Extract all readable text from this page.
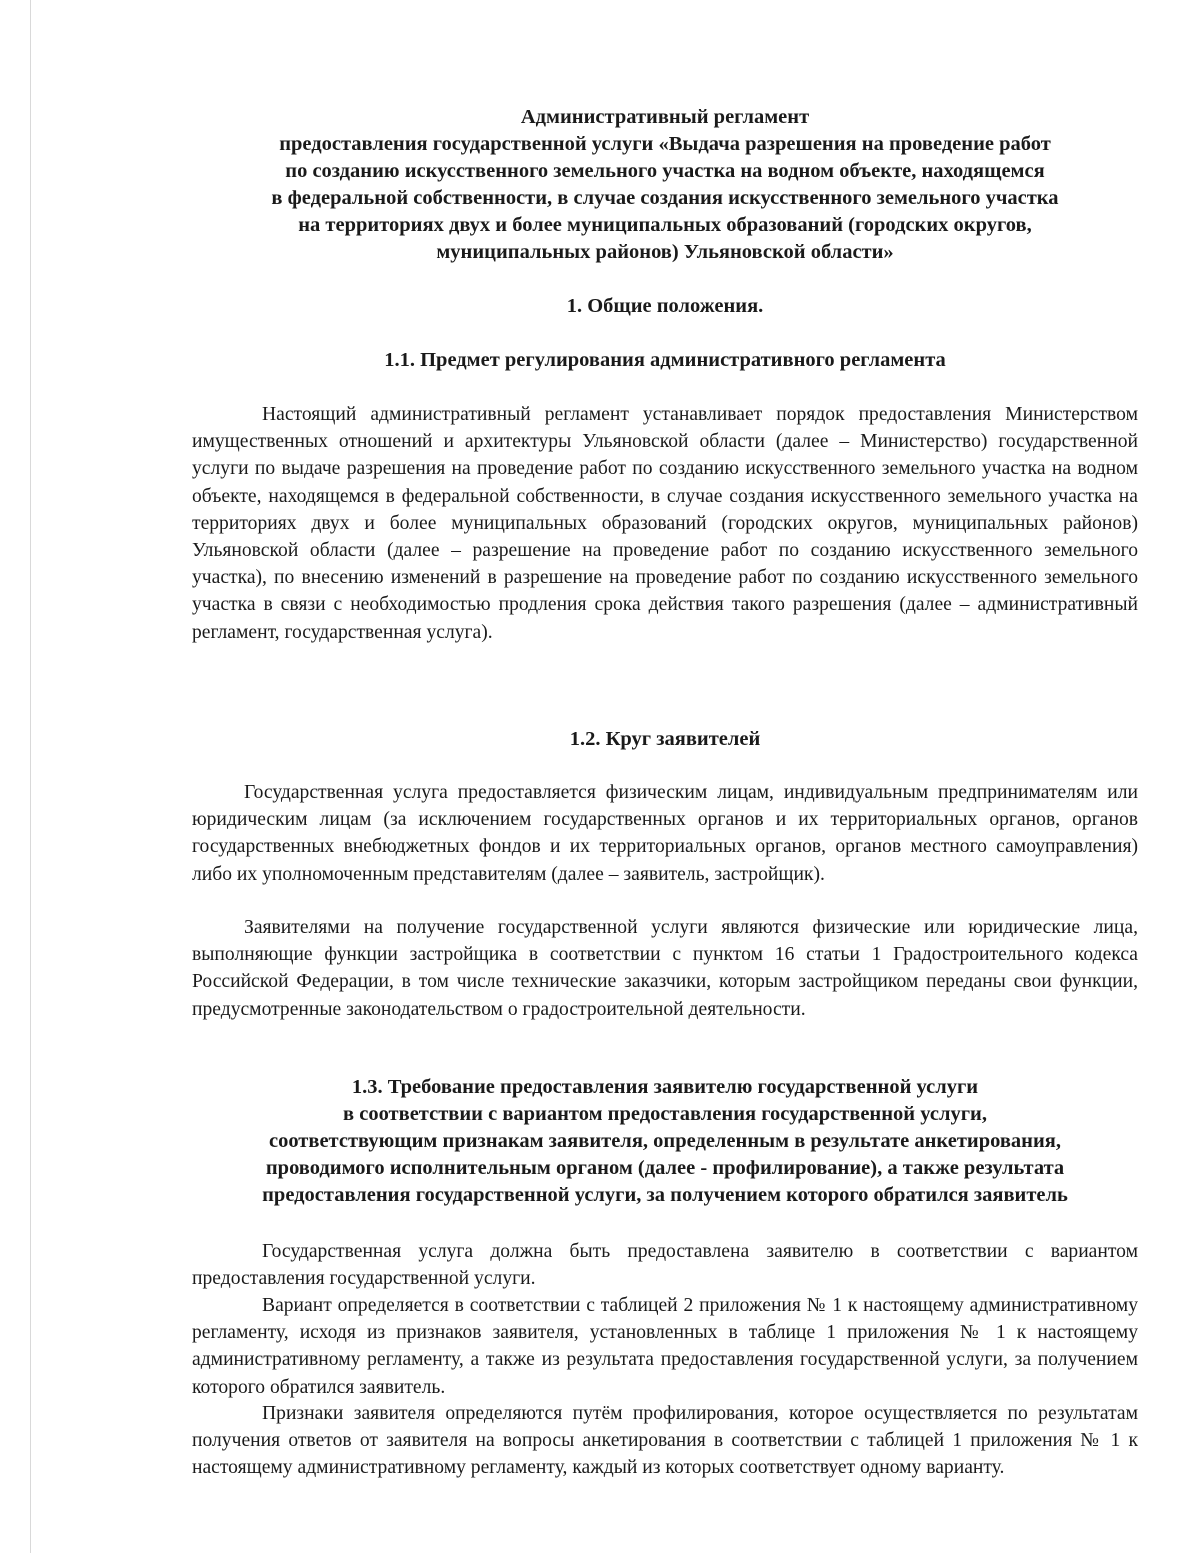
Административный регламент
предоставления государственной услуги «Выдача разрешения на проведение работ
по созданию искусственного земельного участка на водном объекте, находящемся
в федеральной собственности, в случае создания искусственного земельного участка
на территориях двух и более муниципальных образований (городских округов,
муниципальных районов) Ульяновской области»
1. Общие положения.
1.1. Предмет регулирования административного регламента

Настоящий административный регламент устанавливает порядок предоставления Министерством имущественных отношений и архитектуры Ульяновской области (далее – Министерство) государственной услуги по выдаче разрешения на проведение работ по созданию искусственного земельного участка на водном объекте, находящемся в федеральной собственности, в случае создания искусственного земельного участка на территориях двух и более муниципальных образований (городских округов, муниципальных районов) Ульяновской области (далее – разрешение на проведение работ по созданию искусственного земельного участка), по внесению изменений в разрешение на проведение работ по созданию искусственного земельного участка в связи с необходимостью продления срока действия такого разрешения (далее – административный регламент, государственная услуга).

1.2. Круг заявителей

Государственная услуга предоставляется физическим лицам, индивидуальным предпринимателям или юридическим лицам (за исключением государственных органов и их территориальных органов, органов государственных внебюджетных фондов и их территориальных органов, органов местного самоуправления) либо их уполномоченным представителям (далее – заявитель, застройщик).

Заявителями на получение государственной услуги являются физические или юридические лица, выполняющие функции застройщика в соответствии с пунктом 16 статьи 1 Градостроительного кодекса Российской Федерации, в том числе технические заказчики, которым застройщиком переданы свои функции, предусмотренные законодательством о градостроительной деятельности.

1.3. Требование предоставления заявителю государственной услуги
в соответствии с вариантом предоставления государственной услуги,
соответствующим признакам заявителя, определенным в результате анкетирования,
проводимого исполнительным органом (далее - профилирование), а также результата
предоставления государственной услуги, за получением которого обратился заявитель

Государственная услуга должна быть предоставлена заявителю в соответствии с вариантом предоставления государственной услуги.

Вариант определяется в соответствии с таблицей 2 приложения № 1 к настоящему административному регламенту, исходя из признаков заявителя, установленных в таблице 1 приложения № 1 к настоящему административному регламенту, а также из результата предоставления государственной услуги, за получением которого обратился заявитель.

Признаки заявителя определяются путём профилирования, которое осуществляется по результатам получения ответов от заявителя на вопросы анкетирования в соответствии с таблицей 1 приложения № 1 к настоящему административному регламенту, каждый из которых соответствует одному варианту.
